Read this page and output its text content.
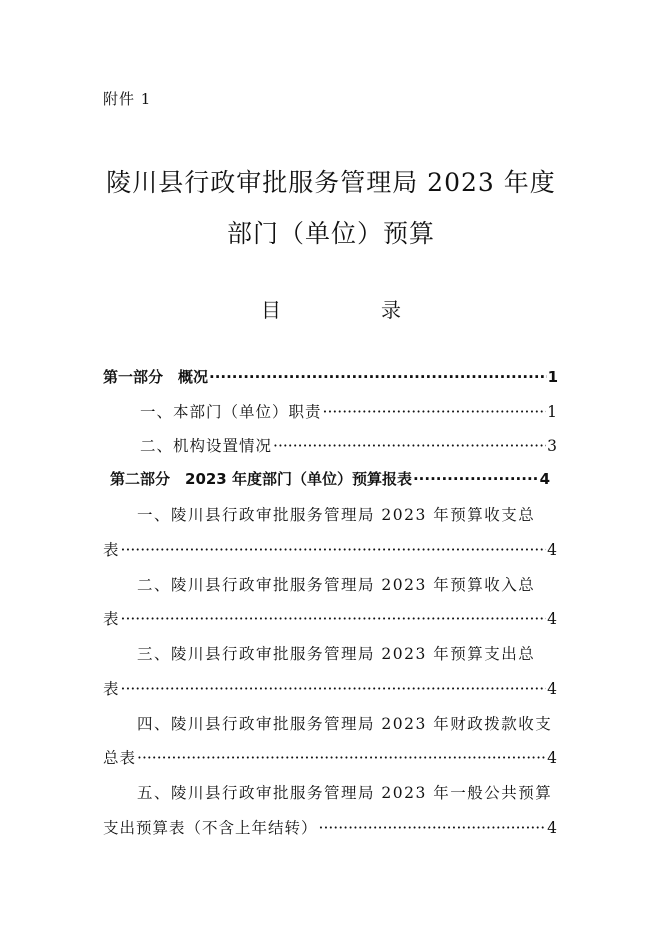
附件 1
陵川县行政审批服务管理局 2023 年度
部门（单位）预算
目　录
第一部分　概况 ·····	1
一、本部门（单位）职责 ·····	1
二、机构设置情况 ·····	3
第二部分　2023 年度部门（单位）预算报表 ·····	4
一、陵川县行政审批服务管理局 2023 年预算收支总
表 ·····	4
二、陵川县行政审批服务管理局 2023 年预算收入总
表 ·····	4
三、陵川县行政审批服务管理局 2023 年预算支出总
表 ·····	4
四、陵川县行政审批服务管理局 2023 年财政拨款收支
总表 ·····	4
五、陵川县行政审批服务管理局 2023 年一般公共预算
支出预算表（不含上年结转） ·····	4
